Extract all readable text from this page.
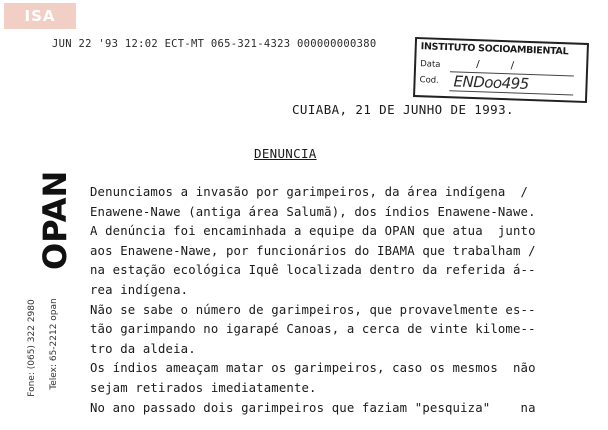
ISA
JUN 22 '93 12:02 ECT-MT 065-321-4323 000000000380	INSTITUTO SOCIOAMBIENTAL
Data	/ /
Cod. ENDoo495
OPAN
Fone: (065) 322 2980 Telex: 65-2212 opan
CUIABA, 21 DE JUNHO DE 1993.
DENUNCIA
Denunciamos a invasão por garimpeiros, da área indígena  /
Enawene-Nawe (antiga área Salumã), dos índios Enawene-Nawe.
A denúncia foi encaminhada a equipe da OPAN que atua  junto
aos Enawene-Nawe, por funcionários do IBAMA que trabalham /
na estação ecológica Iquê localizada dentro da referida á--
rea indígena.
Não se sabe o número de garimpeiros, que provavelmente es--
tão garimpando no igarapé Canoas, a cerca de vinte kilome--
tro da aldeia.
Os índios ameaçam matar os garimpeiros, caso os mesmos  não
sejam retirados imediatamente.
No ano passado dois garimpeiros que faziam "pesquiza"    na
